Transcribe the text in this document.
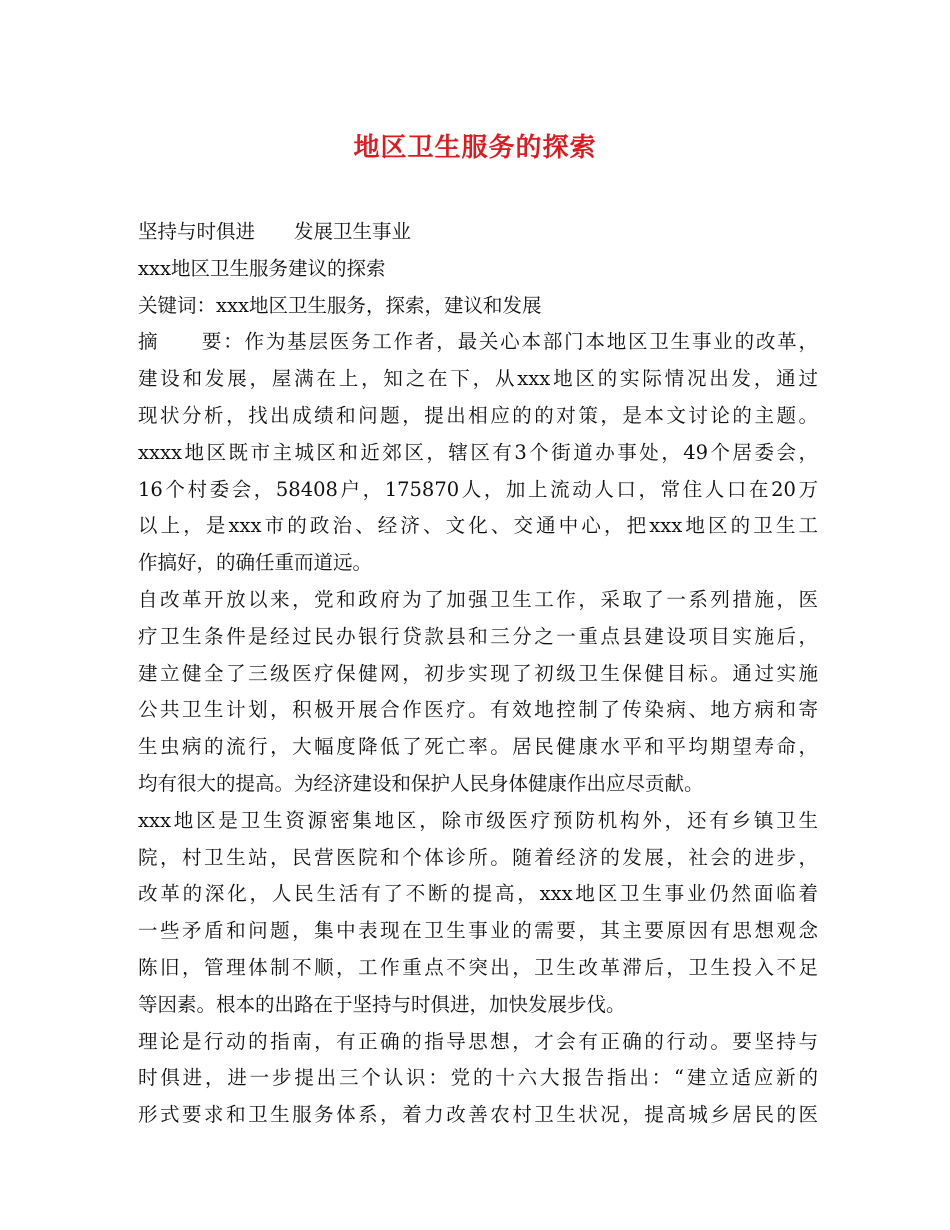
地区卫生服务的探索
坚持与时俱进　　发展卫生事业
xxx地区卫生服务建议的探索
关键词：xxx地区卫生服务，探索，建议和发展
摘　　要：作为基层医务工作者，最关心本部门本地区卫生事业的改革，
建设和发展，屋满在上，知之在下，从xxx地区的实际情况出发，通过
现状分析，找出成绩和问题，提出相应的的对策，是本文讨论的主题。
xxxx地区既市主城区和近郊区，辖区有3个街道办事处，49个居委会，
16个村委会，58408户，175870人，加上流动人口，常住人口在20万
以上，是xxx市的政治、经济、文化、交通中心，把xxx地区的卫生工
作搞好，的确任重而道远。
自改革开放以来，党和政府为了加强卫生工作，采取了一系列措施，医
疗卫生条件是经过民办银行贷款县和三分之一重点县建设项目实施后，
建立健全了三级医疗保健网，初步实现了初级卫生保健目标。通过实施
公共卫生计划，积极开展合作医疗。有效地控制了传染病、地方病和寄
生虫病的流行，大幅度降低了死亡率。居民健康水平和平均期望寿命，
均有很大的提高。为经济建设和保护人民身体健康作出应尽贡献。
xxx地区是卫生资源密集地区，除市级医疗预防机构外，还有乡镇卫生
院，村卫生站，民营医院和个体诊所。随着经济的发展，社会的进步，
改革的深化，人民生活有了不断的提高，xxx地区卫生事业仍然面临着
一些矛盾和问题，集中表现在卫生事业的需要，其主要原因有思想观念
陈旧，管理体制不顺，工作重点不突出，卫生改革滞后，卫生投入不足
等因素。根本的出路在于坚持与时俱进，加快发展步伐。
理论是行动的指南，有正确的指导思想，才会有正确的行动。要坚持与
时俱进，进一步提出三个认识：党的十六大报告指出：“建立适应新的
形式要求和卫生服务体系，着力改善农村卫生状况，提高城乡居民的医
